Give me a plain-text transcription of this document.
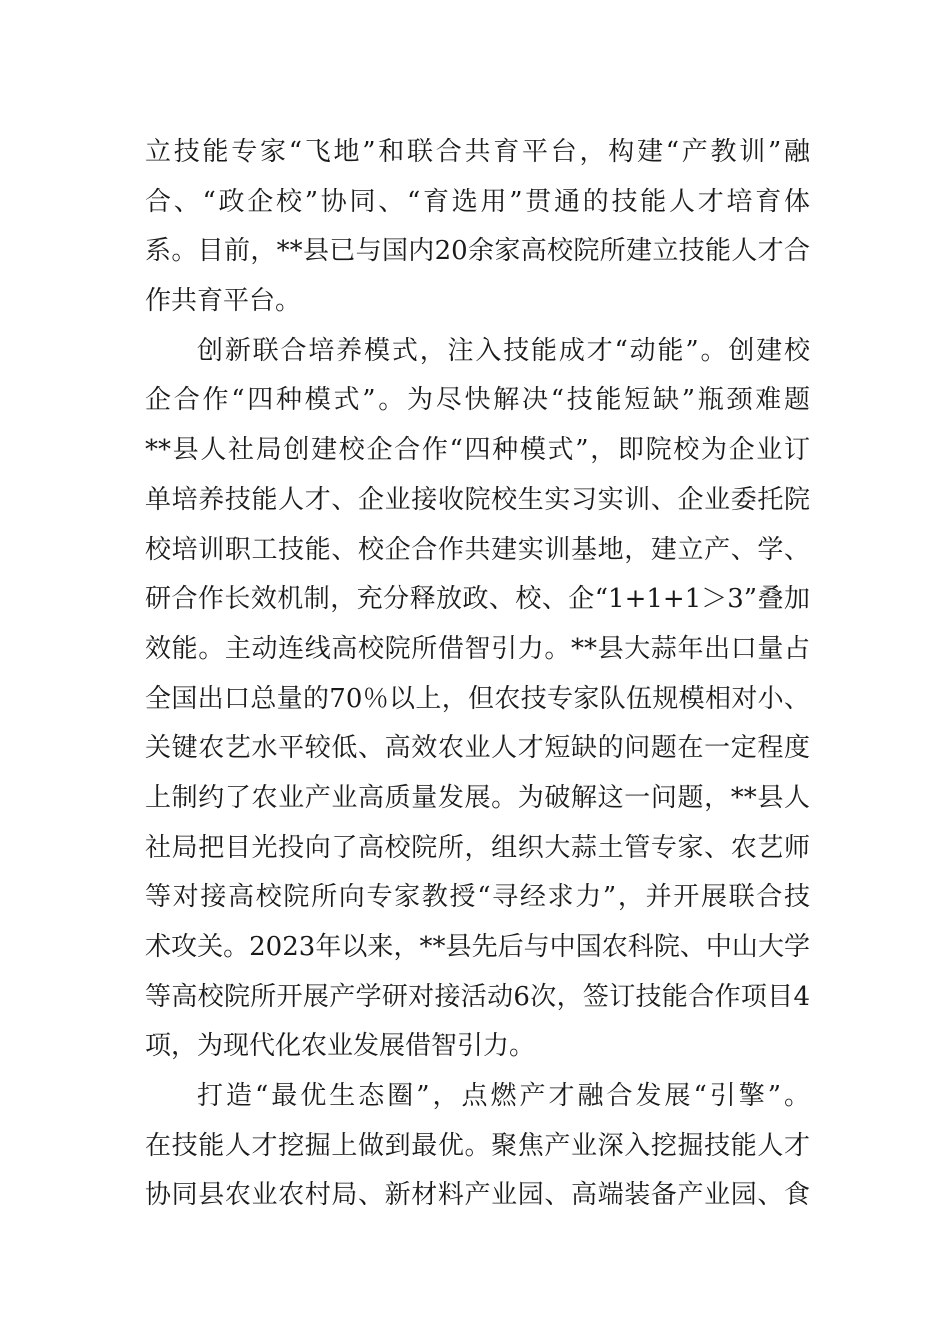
立技能专家“飞地”和联合共育平台，构建“产教训”融
合、“政企校”协同、“育选用”贯通的技能人才培育体
系。目前，**县已与国内20余家高校院所建立技能人才合
作共育平台。
创新联合培养模式，注入技能成才“动能”。创建校
企合作“四种模式”。为尽快解决“技能短缺”瓶颈难题
**县人社局创建校企合作“四种模式”，即院校为企业订
单培养技能人才、企业接收院校生实习实训、企业委托院
校培训职工技能、校企合作共建实训基地，建立产、学、
研合作长效机制，充分释放政、校、企“1+1+1＞3”叠加
效能。主动连线高校院所借智引力。**县大蒜年出口量占
全国出口总量的70％以上，但农技专家队伍规模相对小、
关键农艺水平较低、高效农业人才短缺的问题在一定程度
上制约了农业产业高质量发展。为破解这一问题，**县人
社局把目光投向了高校院所，组织大蒜土管专家、农艺师
等对接高校院所向专家教授“寻经求力”，并开展联合技
术攻关。2023年以来，**县先后与中国农科院、中山大学
等高校院所开展产学研对接活动6次，签订技能合作项目4
项，为现代化农业发展借智引力。
打造“最优生态圈”，点燃产才融合发展“引擎”。
在技能人才挖掘上做到最优。聚焦产业深入挖掘技能人才
协同县农业农村局、新材料产业园、高端装备产业园、食
